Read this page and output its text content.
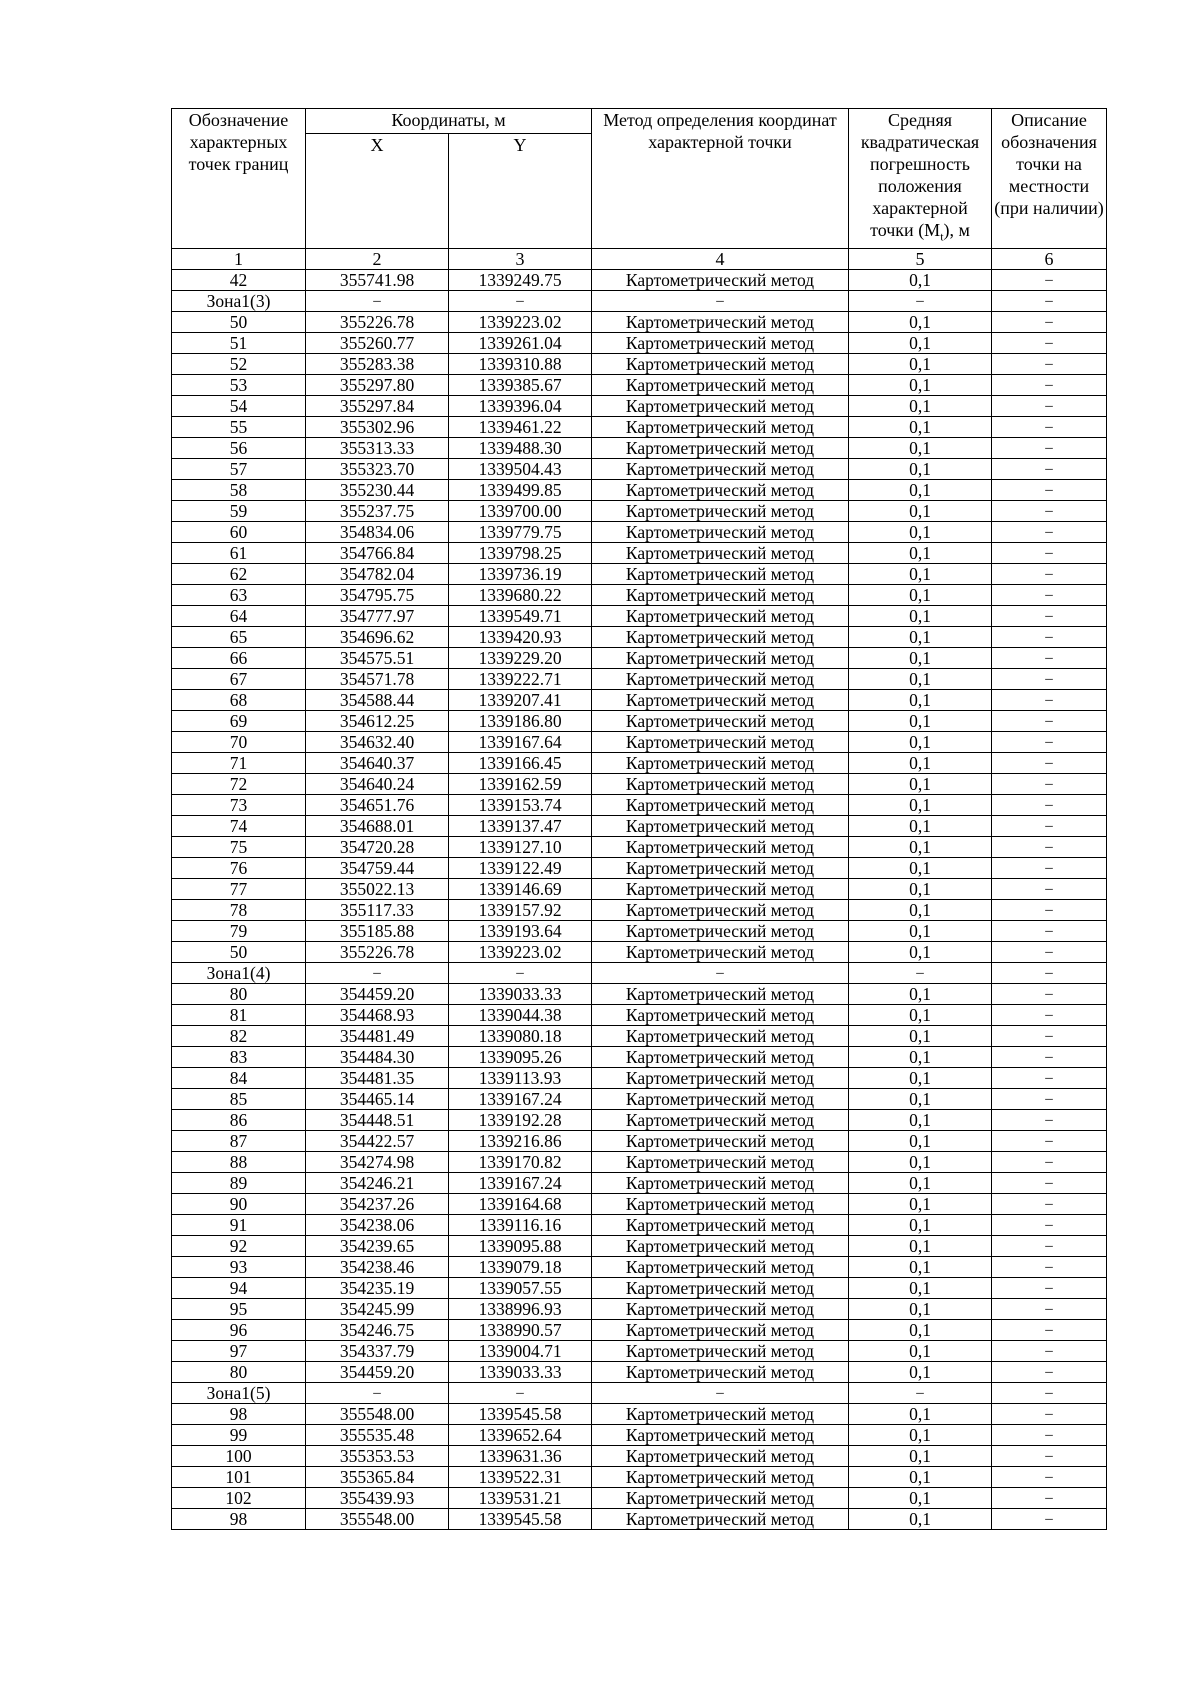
Обозначение характерных точек границ	Координаты, м		Метод определения координат характерной точки	Средняя квадратическая погрешность положения характерной точки $(M_t)$, м	Описание обозначения точки на местности (при наличии)
	X	Y			
1	2	3	4	5	6
42	355741.98	1339249.75	Картометрический метод	0,1	–
Зона1(3)	–	–	–	–	–
50	355226.78	1339223.02	Картометрический метод	0,1	–
51	355260.77	1339261.04	Картометрический метод	0,1	–
52	355283.38	1339310.88	Картометрический метод	0,1	–
53	355297.80	1339385.67	Картометрический метод	0,1	–
54	355297.84	1339396.04	Картометрический метод	0,1	–
55	355302.96	1339461.22	Картометрический метод	0,1	–
56	355313.33	1339488.30	Картометрический метод	0,1	–
57	355323.70	1339504.43	Картометрический метод	0,1	–
58	355230.44	1339499.85	Картометрический метод	0,1	–
59	355237.75	1339700.00	Картометрический метод	0,1	–
60	354834.06	1339779.75	Картометрический метод	0,1	–
61	354766.84	1339798.25	Картометрический метод	0,1	–
62	354782.04	1339736.19	Картометрический метод	0,1	–
63	354795.75	1339680.22	Картометрический метод	0,1	–
64	354777.97	1339549.71	Картометрический метод	0,1	–
65	354696.62	1339420.93	Картометрический метод	0,1	–
66	354575.51	1339229.20	Картометрический метод	0,1	–
67	354571.78	1339222.71	Картометрический метод	0,1	–
68	354588.44	1339207.41	Картометрический метод	0,1	–
69	354612.25	1339186.80	Картометрический метод	0,1	–
70	354632.40	1339167.64	Картометрический метод	0,1	–
71	354640.37	1339166.45	Картометрический метод	0,1	–
72	354640.24	1339162.59	Картометрический метод	0,1	–
73	354651.76	1339153.74	Картометрический метод	0,1	–
74	354688.01	1339137.47	Картометрический метод	0,1	–
75	354720.28	1339127.10	Картометрический метод	0,1	–
76	354759.44	1339122.49	Картометрический метод	0,1	–
77	355022.13	1339146.69	Картометрический метод	0,1	–
78	355117.33	1339157.92	Картометрический метод	0,1	–
79	355185.88	1339193.64	Картометрический метод	0,1	–
50	355226.78	1339223.02	Картометрический метод	0,1	–
Зона1(4)	–	–	–	–	–
80	354459.20	1339033.33	Картометрический метод	0,1	–
81	354468.93	1339044.38	Картометрический метод	0,1	–
82	354481.49	1339080.18	Картометрический метод	0,1	–
83	354484.30	1339095.26	Картометрический метод	0,1	–
84	354481.35	1339113.93	Картометрический метод	0,1	–
85	354465.14	1339167.24	Картометрический метод	0,1	–
86	354448.51	1339192.28	Картометрический метод	0,1	–
87	354422.57	1339216.86	Картометрический метод	0,1	–
88	354274.98	1339170.82	Картометрический метод	0,1	–
89	354246.21	1339167.24	Картометрический метод	0,1	–
90	354237.26	1339164.68	Картометрический метод	0,1	–
91	354238.06	1339116.16	Картометрический метод	0,1	–
92	354239.65	1339095.88	Картометрический метод	0,1	–
93	354238.46	1339079.18	Картометрический метод	0,1	–
94	354235.19	1339057.55	Картометрический метод	0,1	–
95	354245.99	1338996.93	Картометрический метод	0,1	–
96	354246.75	1338990.57	Картометрический метод	0,1	–
97	354337.79	1339004.71	Картометрический метод	0,1	–
80	354459.20	1339033.33	Картометрический метод	0,1	–
Зона1(5)	–	–	–	–	–
98	355548.00	1339545.58	Картометрический метод	0,1	–
99	355535.48	1339652.64	Картометрический метод	0,1	–
100	355353.53	1339631.36	Картометрический метод	0,1	–
101	355365.84	1339522.31	Картометрический метод	0,1	–
102	355439.93	1339531.21	Картометрический метод	0,1	–
98	355548.00	1339545.58	Картометрический метод	0,1	–
